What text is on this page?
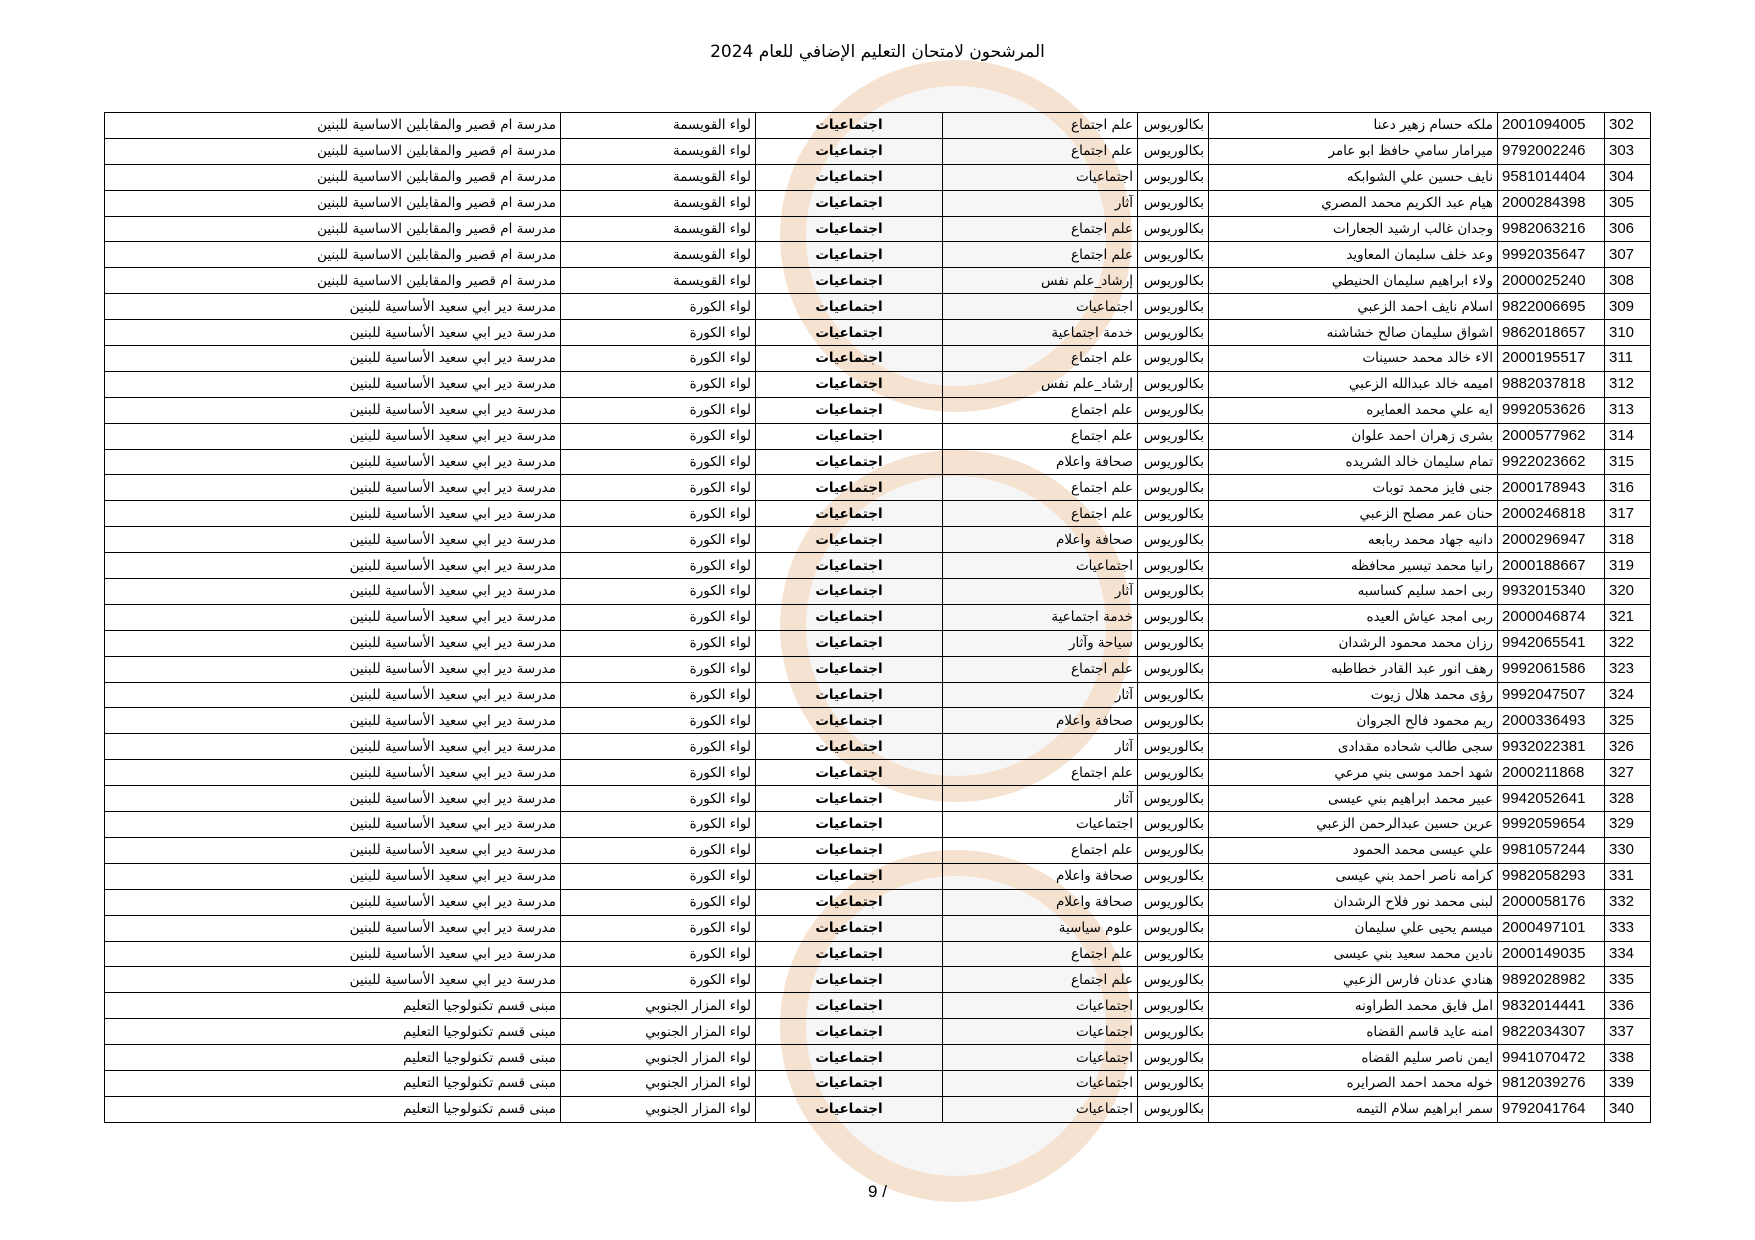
المرشحون لامتحان التعليم الإضافي للعام 2024
302	2001094005	ملكه حسام زهير دعنا	بكالوريوس	علم اجتماع	اجتماعيات	لواء القويسمة	مدرسة ام قصير والمقابلين الاساسية للبنين
303	9792002246	ميرامار سامي حافظ ابو عامر	بكالوريوس	علم اجتماع	اجتماعيات	لواء القويسمة	مدرسة ام قصير والمقابلين الاساسية للبنين
304	9581014404	نايف حسين علي الشوابكه	بكالوريوس	اجتماعيات	اجتماعيات	لواء القويسمة	مدرسة ام قصير والمقابلين الاساسية للبنين
305	2000284398	هيام عبد الكريم محمد المصري	بكالوريوس	آثار	اجتماعيات	لواء القويسمة	مدرسة ام قصير والمقابلين الاساسية للبنين
306	9982063216	وجدان غالب ارشيد الجعارات	بكالوريوس	علم اجتماع	اجتماعيات	لواء القويسمة	مدرسة ام قصير والمقابلين الاساسية للبنين
307	9992035647	وعد خلف سليمان المعاويد	بكالوريوس	علم اجتماع	اجتماعيات	لواء القويسمة	مدرسة ام قصير والمقابلين الاساسية للبنين
308	2000025240	ولاء ابراهيم سليمان الحنيطي	بكالوريوس	إرشاد_علم نفس	اجتماعيات	لواء القويسمة	مدرسة ام قصير والمقابلين الاساسية للبنين
309	9822006695	اسلام نايف احمد الزعبي	بكالوريوس	اجتماعيات	اجتماعيات	لواء الكورة	مدرسة دير ابي سعيد الأساسية للبنين
310	9862018657	اشواق سليمان صالح خشاشنه	بكالوريوس	خدمة اجتماعية	اجتماعيات	لواء الكورة	مدرسة دير ابي سعيد الأساسية للبنين
311	2000195517	الاء خالد محمد حسينات	بكالوريوس	علم اجتماع	اجتماعيات	لواء الكورة	مدرسة دير ابي سعيد الأساسية للبنين
312	9882037818	اميمه خالد عبدالله الزعبي	بكالوريوس	إرشاد_علم نفس	اجتماعيات	لواء الكورة	مدرسة دير ابي سعيد الأساسية للبنين
313	9992053626	ايه علي محمد العمايره	بكالوريوس	علم اجتماع	اجتماعيات	لواء الكورة	مدرسة دير ابي سعيد الأساسية للبنين
314	2000577962	بشرى زهران احمد علوان	بكالوريوس	علم اجتماع	اجتماعيات	لواء الكورة	مدرسة دير ابي سعيد الأساسية للبنين
315	9922023662	تمام سليمان خالد الشريده	بكالوريوس	صحافة واعلام	اجتماعيات	لواء الكورة	مدرسة دير ابي سعيد الأساسية للبنين
316	2000178943	جنى فايز محمد توبات	بكالوريوس	علم اجتماع	اجتماعيات	لواء الكورة	مدرسة دير ابي سعيد الأساسية للبنين
317	2000246818	حنان عمر مصلح الزعبي	بكالوريوس	علم اجتماع	اجتماعيات	لواء الكورة	مدرسة دير ابي سعيد الأساسية للبنين
318	2000296947	دانيه جهاد محمد ربابعه	بكالوريوس	صحافة واعلام	اجتماعيات	لواء الكورة	مدرسة دير ابي سعيد الأساسية للبنين
319	2000188667	رانيا محمد تيسير محافظه	بكالوريوس	اجتماعيات	اجتماعيات	لواء الكورة	مدرسة دير ابي سعيد الأساسية للبنين
320	9932015340	ربى احمد سليم كساسبه	بكالوريوس	آثار	اجتماعيات	لواء الكورة	مدرسة دير ابي سعيد الأساسية للبنين
321	2000046874	ربى امجد عياش العيده	بكالوريوس	خدمة اجتماعية	اجتماعيات	لواء الكورة	مدرسة دير ابي سعيد الأساسية للبنين
322	9942065541	رزان محمد محمود الرشدان	بكالوريوس	سياحة وآثار	اجتماعيات	لواء الكورة	مدرسة دير ابي سعيد الأساسية للبنين
323	9992061586	رهف انور عبد القادر خطاطبه	بكالوريوس	علم اجتماع	اجتماعيات	لواء الكورة	مدرسة دير ابي سعيد الأساسية للبنين
324	9992047507	رؤى محمد هلال زيوت	بكالوريوس	آثار	اجتماعيات	لواء الكورة	مدرسة دير ابي سعيد الأساسية للبنين
325	2000336493	ريم محمود فالح الجروان	بكالوريوس	صحافة واعلام	اجتماعيات	لواء الكورة	مدرسة دير ابي سعيد الأساسية للبنين
326	9932022381	سجى طالب شحاده مقدادى	بكالوريوس	آثار	اجتماعيات	لواء الكورة	مدرسة دير ابي سعيد الأساسية للبنين
327	2000211868	شهد احمد موسى بني مرعي	بكالوريوس	علم اجتماع	اجتماعيات	لواء الكورة	مدرسة دير ابي سعيد الأساسية للبنين
328	9942052641	عبير محمد ابراهيم بني عيسى	بكالوريوس	آثار	اجتماعيات	لواء الكورة	مدرسة دير ابي سعيد الأساسية للبنين
329	9992059654	عرين حسين عبدالرحمن الزعبي	بكالوريوس	اجتماعيات	اجتماعيات	لواء الكورة	مدرسة دير ابي سعيد الأساسية للبنين
330	9981057244	علي عيسى محمد الحمود	بكالوريوس	علم اجتماع	اجتماعيات	لواء الكورة	مدرسة دير ابي سعيد الأساسية للبنين
331	9982058293	كرامه ناصر احمد بني عيسى	بكالوريوس	صحافة واعلام	اجتماعيات	لواء الكورة	مدرسة دير ابي سعيد الأساسية للبنين
332	2000058176	لبنى محمد نور فلاح الرشدان	بكالوريوس	صحافة واعلام	اجتماعيات	لواء الكورة	مدرسة دير ابي سعيد الأساسية للبنين
333	2000497101	ميسم يحيى علي سليمان	بكالوريوس	علوم سياسية	اجتماعيات	لواء الكورة	مدرسة دير ابي سعيد الأساسية للبنين
334	2000149035	نادين محمد سعيد بني عيسى	بكالوريوس	علم اجتماع	اجتماعيات	لواء الكورة	مدرسة دير ابي سعيد الأساسية للبنين
335	9892028982	هنادي عدنان فارس الزعبي	بكالوريوس	علم اجتماع	اجتماعيات	لواء الكورة	مدرسة دير ابي سعيد الأساسية للبنين
336	9832014441	امل فايق محمد الطراونه	بكالوريوس	اجتماعيات	اجتماعيات	لواء المزار الجنوبي	مبنى قسم تكنولوجيا التعليم
337	9822034307	امنه عايد قاسم القضاه	بكالوريوس	اجتماعيات	اجتماعيات	لواء المزار الجنوبي	مبنى قسم تكنولوجيا التعليم
338	9941070472	ايمن ناصر سليم القضاه	بكالوريوس	اجتماعيات	اجتماعيات	لواء المزار الجنوبي	مبنى قسم تكنولوجيا التعليم
339	9812039276	خوله محمد احمد الصرايره	بكالوريوس	اجتماعيات	اجتماعيات	لواء المزار الجنوبي	مبنى قسم تكنولوجيا التعليم
340	9792041764	سمر ابراهيم سلام التيمه	بكالوريوس	اجتماعيات	اجتماعيات	لواء المزار الجنوبي	مبنى قسم تكنولوجيا التعليم
9 /
